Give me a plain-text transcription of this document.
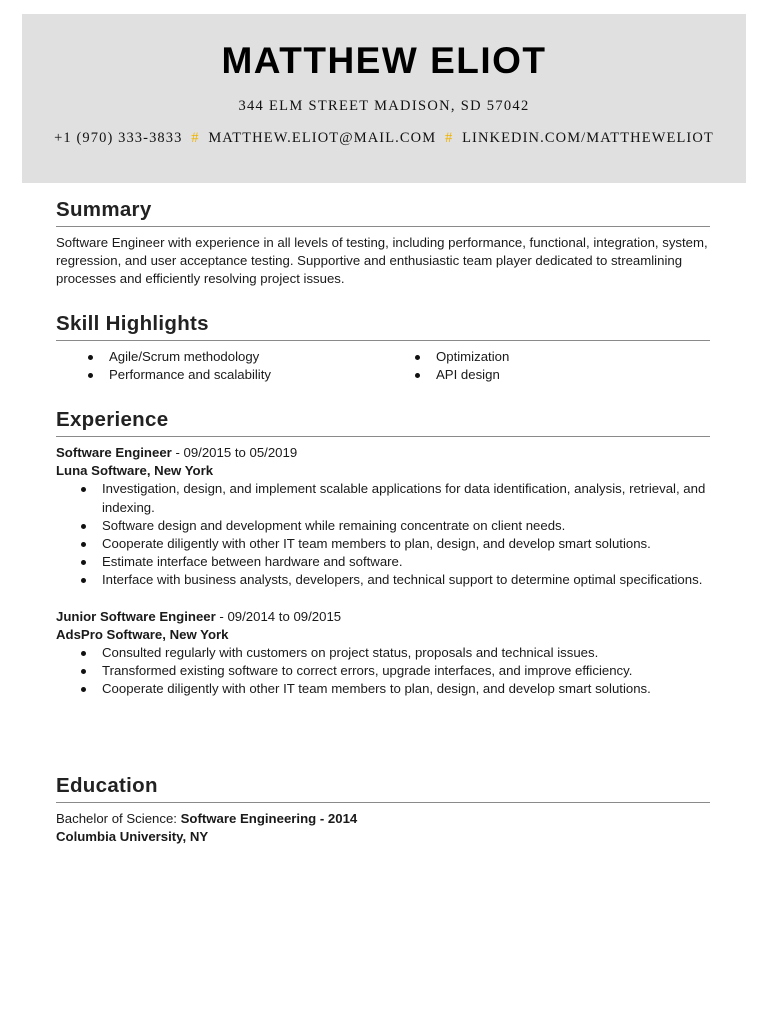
MATTHEW ELIOT
344 ELM STREET MADISON, SD 57042
+1 (970) 333-3833 # MATTHEW.ELIOT@MAIL.COM # LINKEDIN.COM/MATTHEWELIOT
Summary
Software Engineer with experience in all levels of testing, including performance, functional, integration, system, regression, and user acceptance testing. Supportive and enthusiastic team player dedicated to streamlining processes and efficiently resolving project issues.
Skill Highlights
Agile/Scrum methodology
Performance and scalability
Optimization
API design
Experience
Software Engineer - 09/2015 to 05/2019
Luna Software, New York
Investigation, design, and implement scalable applications for data identification, analysis, retrieval, and indexing.
Software design and development while remaining concentrate on client needs.
Cooperate diligently with other IT team members to plan, design, and develop smart solutions.
Estimate interface between hardware and software.
Interface with business analysts, developers, and technical support to determine optimal specifications.
Junior Software Engineer - 09/2014 to 09/2015
AdsPro Software, New York
Consulted regularly with customers on project status, proposals and technical issues.
Transformed existing software to correct errors, upgrade interfaces, and improve efficiency.
Cooperate diligently with other IT team members to plan, design, and develop smart solutions.
Education
Bachelor of Science: Software Engineering - 2014
Columbia University, NY
